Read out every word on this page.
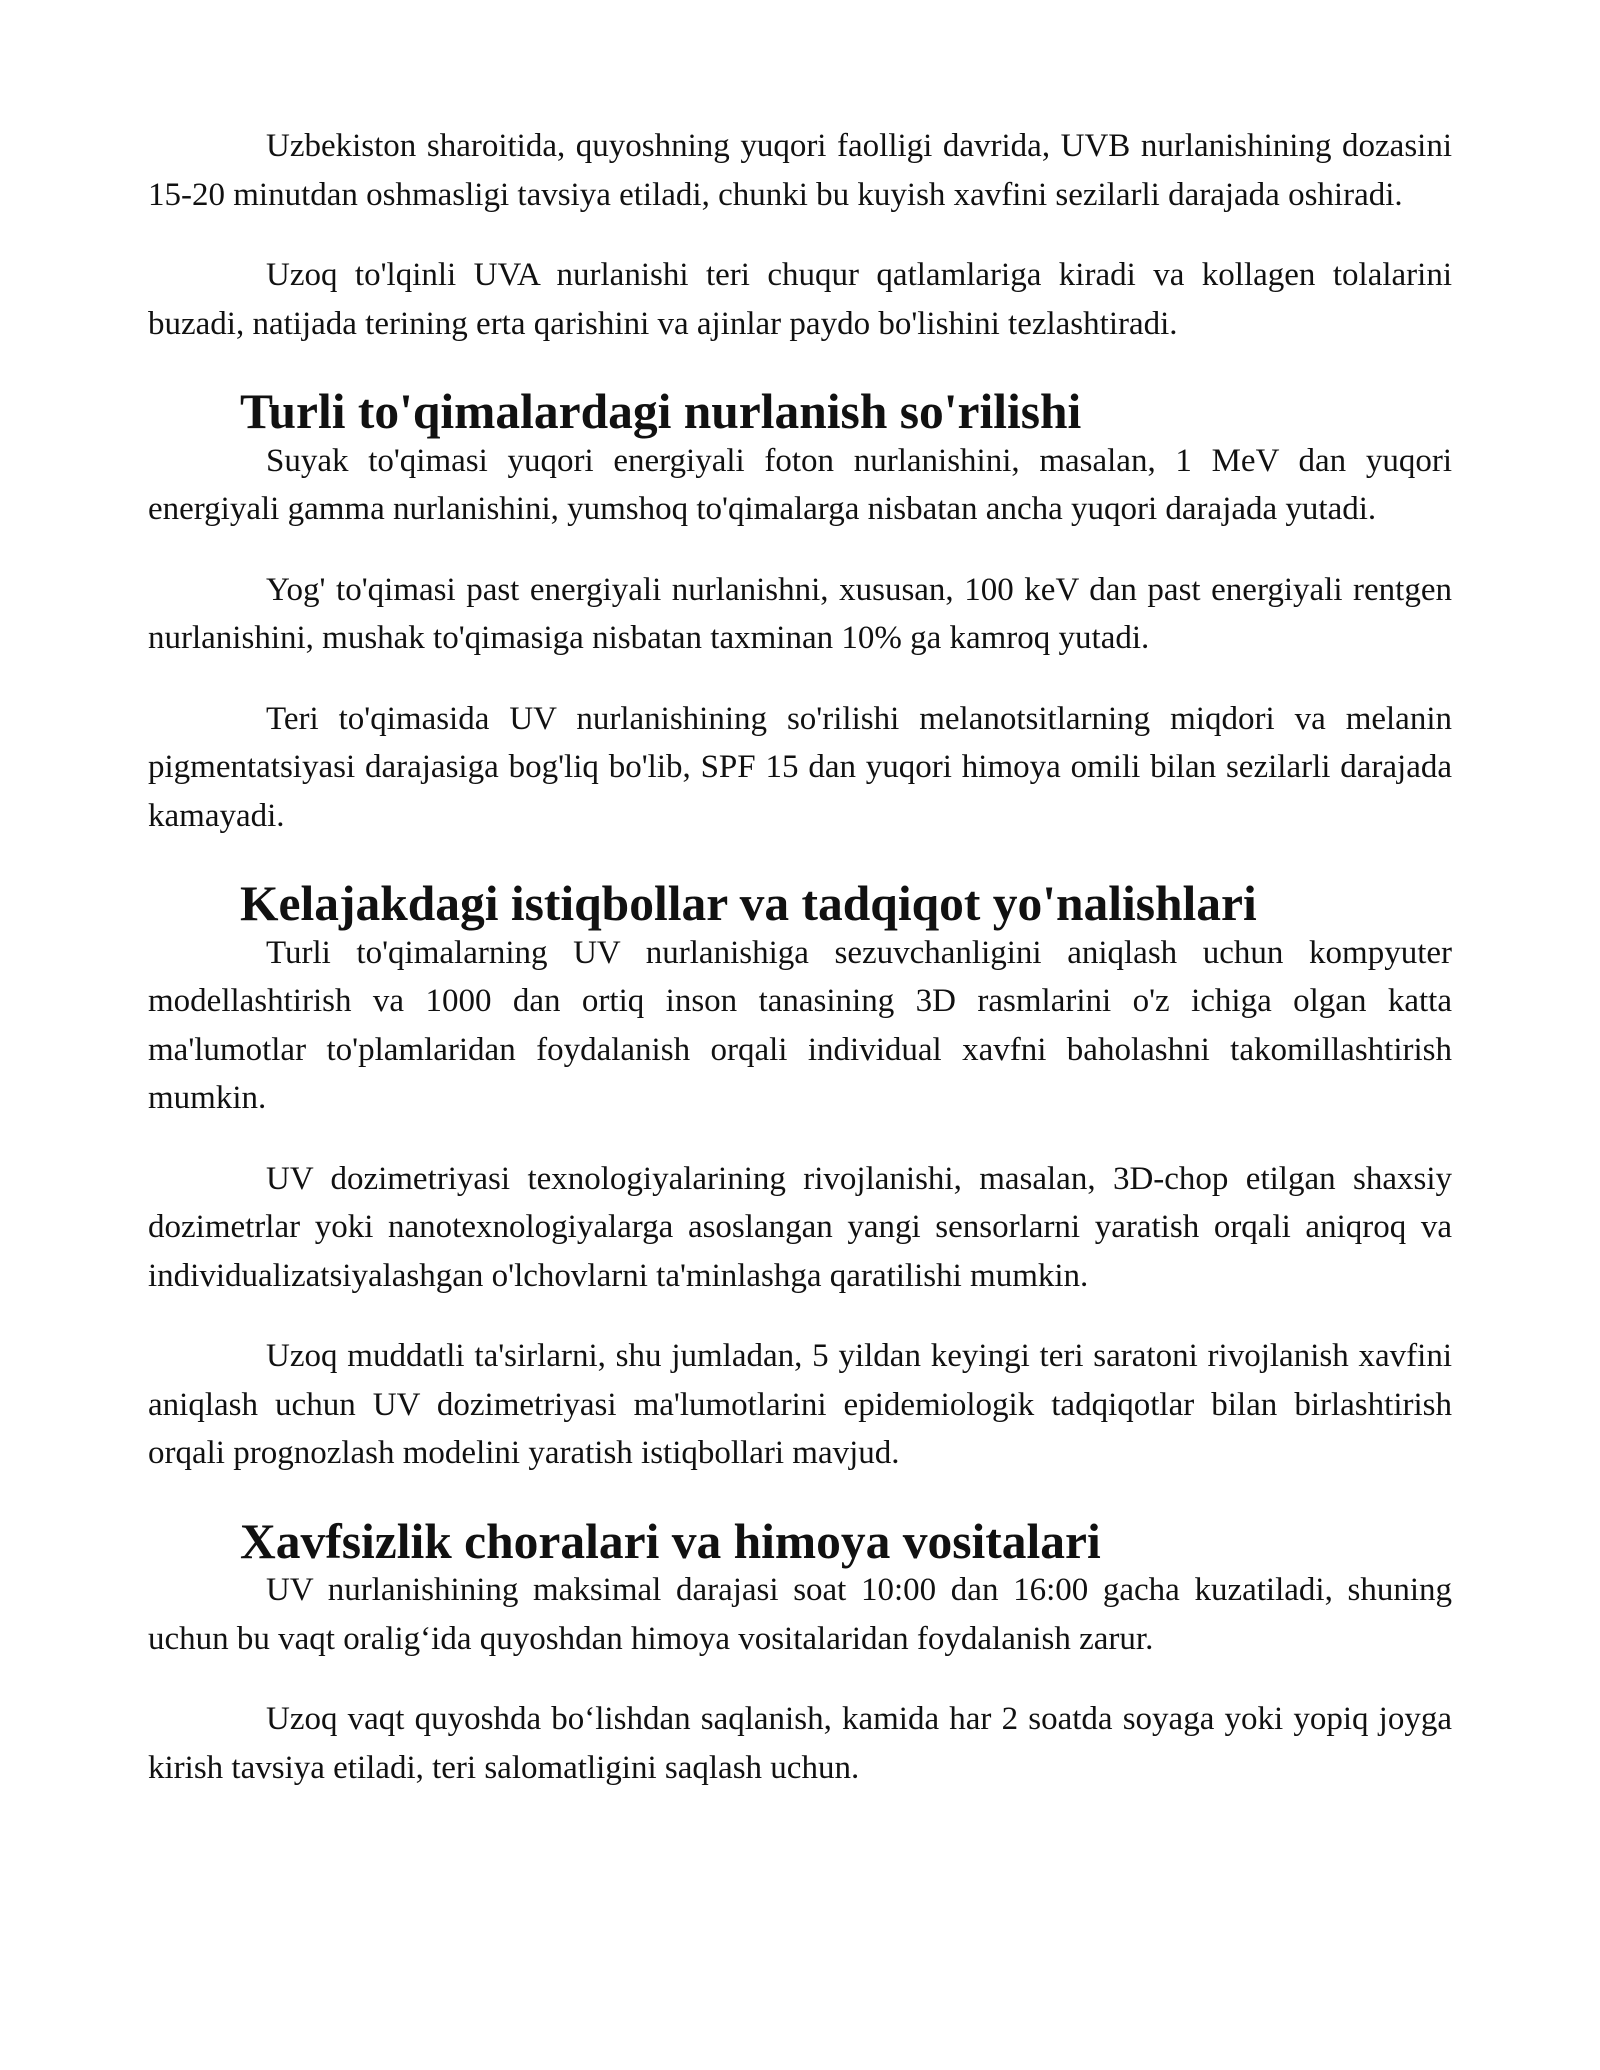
Uzbekiston sharoitida, quyoshning yuqori faolligi davrida, UVB nurlanishining dozasini 15-20 minutdan oshmasligi tavsiya etiladi, chunki bu kuyish xavfini sezilarli darajada oshiradi.

Uzoq to'lqinli UVA nurlanishi teri chuqur qatlamlariga kiradi va kollagen tolalarini buzadi, natijada terining erta qarishini va ajinlar paydo bo'lishini tezlashtiradi.

Turli to'qimalardagi nurlanish so'rilishi

Suyak to'qimasi yuqori energiyali foton nurlanishini, masalan, 1 MeV dan yuqori energiyali gamma nurlanishini, yumshoq to'qimalarga nisbatan ancha yuqori darajada yutadi.

Yog' to'qimasi past energiyali nurlanishni, xususan, 100 keV dan past energiyali rentgen nurlanishini, mushak to'qimasiga nisbatan taxminan 10% ga kamroq yutadi.

Teri to'qimasida UV nurlanishining so'rilishi melanotsitlarning miqdori va melanin pigmentatsiyasi darajasiga bog'liq bo'lib, SPF 15 dan yuqori himoya omili bilan sezilarli darajada kamayadi.

Kelajakdagi istiqbollar va tadqiqot yo'nalishlari

Turli to'qimalarning UV nurlanishiga sezuvchanligini aniqlash uchun kompyuter modellashtirish va 1000 dan ortiq inson tanasining 3D rasmlarini o'z ichiga olgan katta ma'lumotlar to'plamlaridan foydalanish orqali individual xavfni baholashni takomillashtirish mumkin.

UV dozimetriyasi texnologiyalarining rivojlanishi, masalan, 3D-chop etilgan shaxsiy dozimetrlar yoki nanotexnologiyalarga asoslangan yangi sensorlarni yaratish orqali aniqroq va individualizatsiyalashgan o'lchovlarni ta'minlashga qaratilishi mumkin.

Uzoq muddatli ta'sirlarni, shu jumladan, 5 yildan keyingi teri saratoni rivojlanish xavfini aniqlash uchun UV dozimetriyasi ma'lumotlarini epidemiologik tadqiqotlar bilan birlashtirish orqali prognozlash modelini yaratish istiqbollari mavjud.

Xavfsizlik choralari va himoya vositalari

UV nurlanishining maksimal darajasi soat 10:00 dan 16:00 gacha kuzatiladi, shuning uchun bu vaqt oralig‘ida quyoshdan himoya vositalaridan foydalanish zarur.

Uzoq vaqt quyoshda bo‘lishdan saqlanish, kamida har 2 soatda soyaga yoki yopiq joyga kirish tavsiya etiladi, teri salomatligini saqlash uchun.
